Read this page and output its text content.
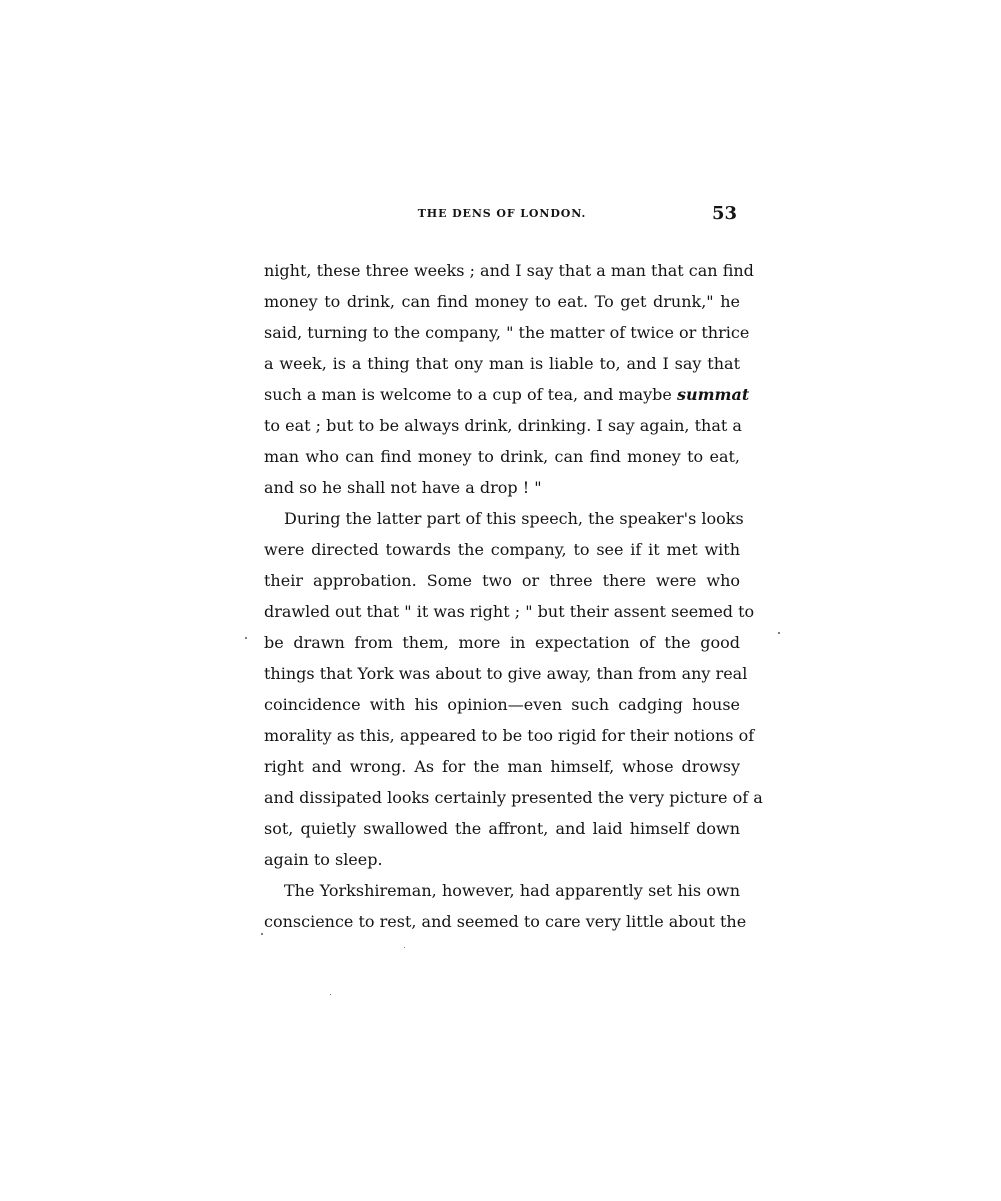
THE DENS OF LONDON.	53

night, these three weeks ; and I say that a man that can find
money to drink, can find money to eat. To get drunk," he
said, turning to the company, " the matter of twice or thrice
a week, is a thing that ony man is liable to, and I say that
such a man is welcome to a cup of tea, and maybe summat
to eat ; but to be always drink, drinking. I say again, that a
man who can find money to drink, can find money to eat,
and so he shall not have a drop ! "

During the latter part of this speech, the speaker's looks
were directed towards the company, to see if it met with
their approbation. Some two or three there were who
drawled out that " it was right ; " but their assent seemed to
be drawn from them, more in expectation of the good
things that York was about to give away, than from any real
coincidence with his opinion—even such cadging house
morality as this, appeared to be too rigid for their notions of
right and wrong. As for the man himself, whose drowsy
and dissipated looks certainly presented the very picture of a
sot, quietly swallowed the affront, and laid himself down
again to sleep.

The Yorkshireman, however, had apparently set his own
conscience to rest, and seemed to care very little about the
